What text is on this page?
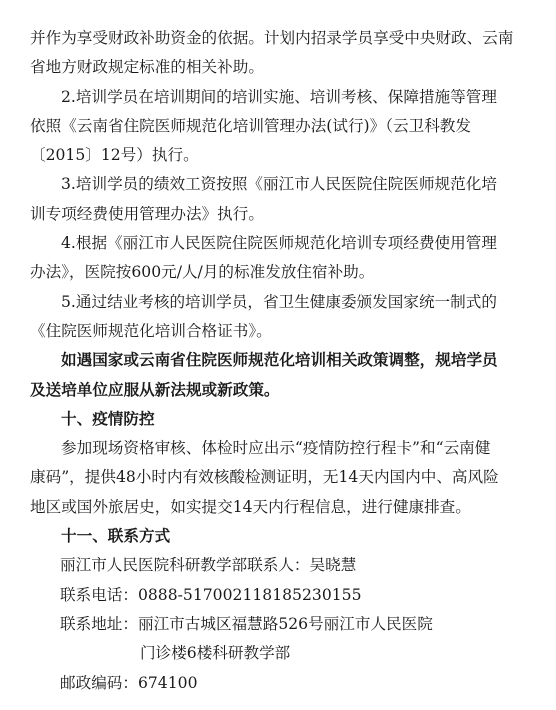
并作为享受财政补助资金的依据。计划内招录学员享受中央财政、云南
省地方财政规定标准的相关补助。
2.培训学员在培训期间的培训实施、培训考核、保障措施等管理
依照《云南省住院医师规范化培训管理办法(试行)》（云卫科教发
〔2015〕12号）执行。
3.培训学员的绩效工资按照《丽江市人民医院住院医师规范化培
训专项经费使用管理办法》执行。
4.根据《丽江市人民医院住院医师规范化培训专项经费使用管理
办法》，医院按600元/人/月的标准发放住宿补助。
5.通过结业考核的培训学员，省卫生健康委颁发国家统一制式的
《住院医师规范化培训合格证书》。
如遇国家或云南省住院医师规范化培训相关政策调整，规培学员
及送培单位应服从新法规或新政策。
十、疫情防控
参加现场资格审核、体检时应出示“疫情防控行程卡”和“云南健
康码”，提供48小时内有效核酸检测证明，无14天内国内中、高风险
地区或国外旅居史，如实提交14天内行程信息，进行健康排查。
十一、联系方式
丽江市人民医院科研教学部联系人：吴晓慧
联系电话：0888-517002118185230155
联系地址：丽江市古城区福慧路526号丽江市人民医院
门诊楼6楼科研教学部
邮政编码：674100
